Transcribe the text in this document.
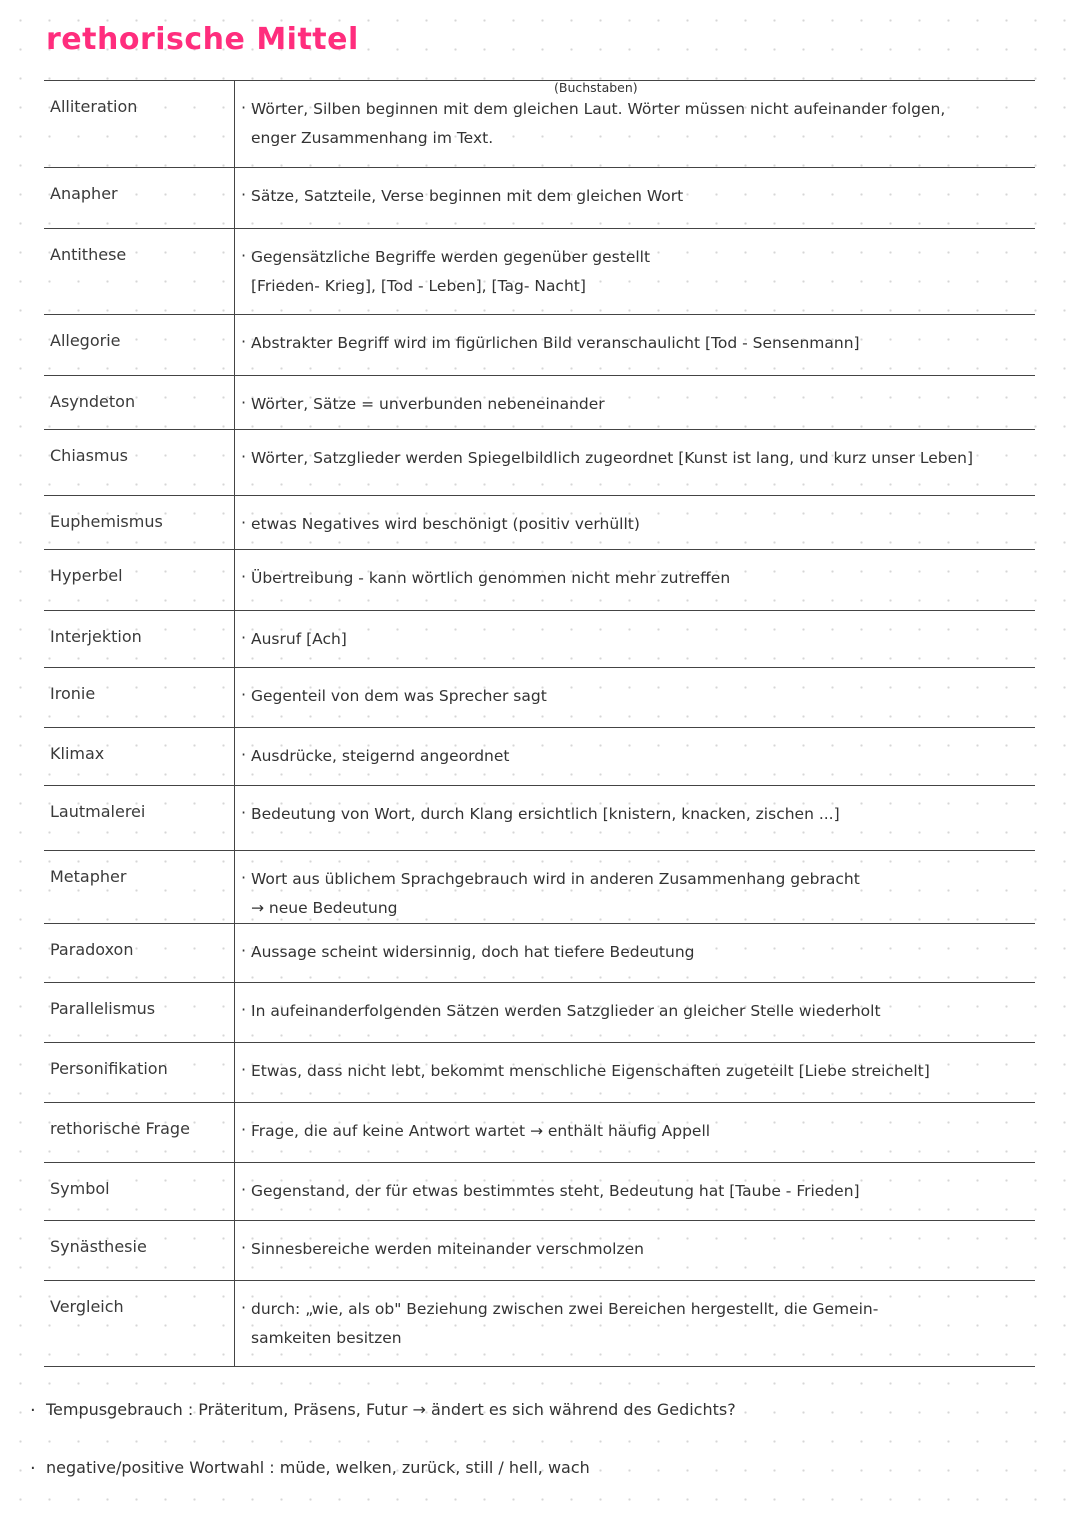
rethorische Mittel
(Buchstaben)
Alliteration	· Wörter, Silben beginnen mit dem gleichen Laut. Wörter müssen nicht aufeinander folgen,
enger Zusammenhang im Text.

Anapher	· Sätze, Satzteile, Verse beginnen mit dem gleichen Wort

Antithese	· Gegensätzliche Begriffe werden gegenüber gestellt
[Frieden- Krieg], [Tod - Leben], [Tag- Nacht]

Allegorie	· Abstrakter Begriff wird im figürlichen Bild veranschaulicht [Tod - Sensenmann]

Asyndeton	· Wörter, Sätze = unverbunden nebeneinander

Chiasmus	· Wörter, Satzglieder werden Spiegelbildlich zugeordnet [Kunst ist lang, und kurz unser Leben]

Euphemismus	· etwas Negatives wird beschönigt (positiv verhüllt)

Hyperbel	· Übertreibung - kann wörtlich genommen nicht mehr zutreffen

Interjektion	· Ausruf [Ach]

Ironie	· Gegenteil von dem was Sprecher sagt

Klimax	· Ausdrücke, steigernd angeordnet

Lautmalerei	· Bedeutung von Wort, durch Klang ersichtlich [knistern, knacken, zischen ...]

Metapher	· Wort aus üblichem Sprachgebrauch wird in anderen Zusammenhang gebracht
→ neue Bedeutung

Paradoxon	· Aussage scheint widersinnig, doch hat tiefere Bedeutung

Parallelismus	· In aufeinanderfolgenden Sätzen werden Satzglieder an gleicher Stelle wiederholt

Personifikation	· Etwas, dass nicht lebt, bekommt menschliche Eigenschaften zugeteilt [Liebe streichelt]

rethorische Frage	· Frage, die auf keine Antwort wartet → enthält häufig Appell

Symbol	· Gegenstand, der für etwas bestimmtes steht, Bedeutung hat [Taube - Frieden]

Synästhesie	· Sinnesbereiche werden miteinander verschmolzen

Vergleich	· durch: „wie, als ob" Beziehung zwischen zwei Bereichen hergestellt, die Gemein-
samkeiten besitzen

· Tempusgebrauch : Präteritum, Präsens, Futur → ändert es sich während des Gedichts?

· negative/positive Wortwahl : müde, welken, zurück, still / hell, wach
